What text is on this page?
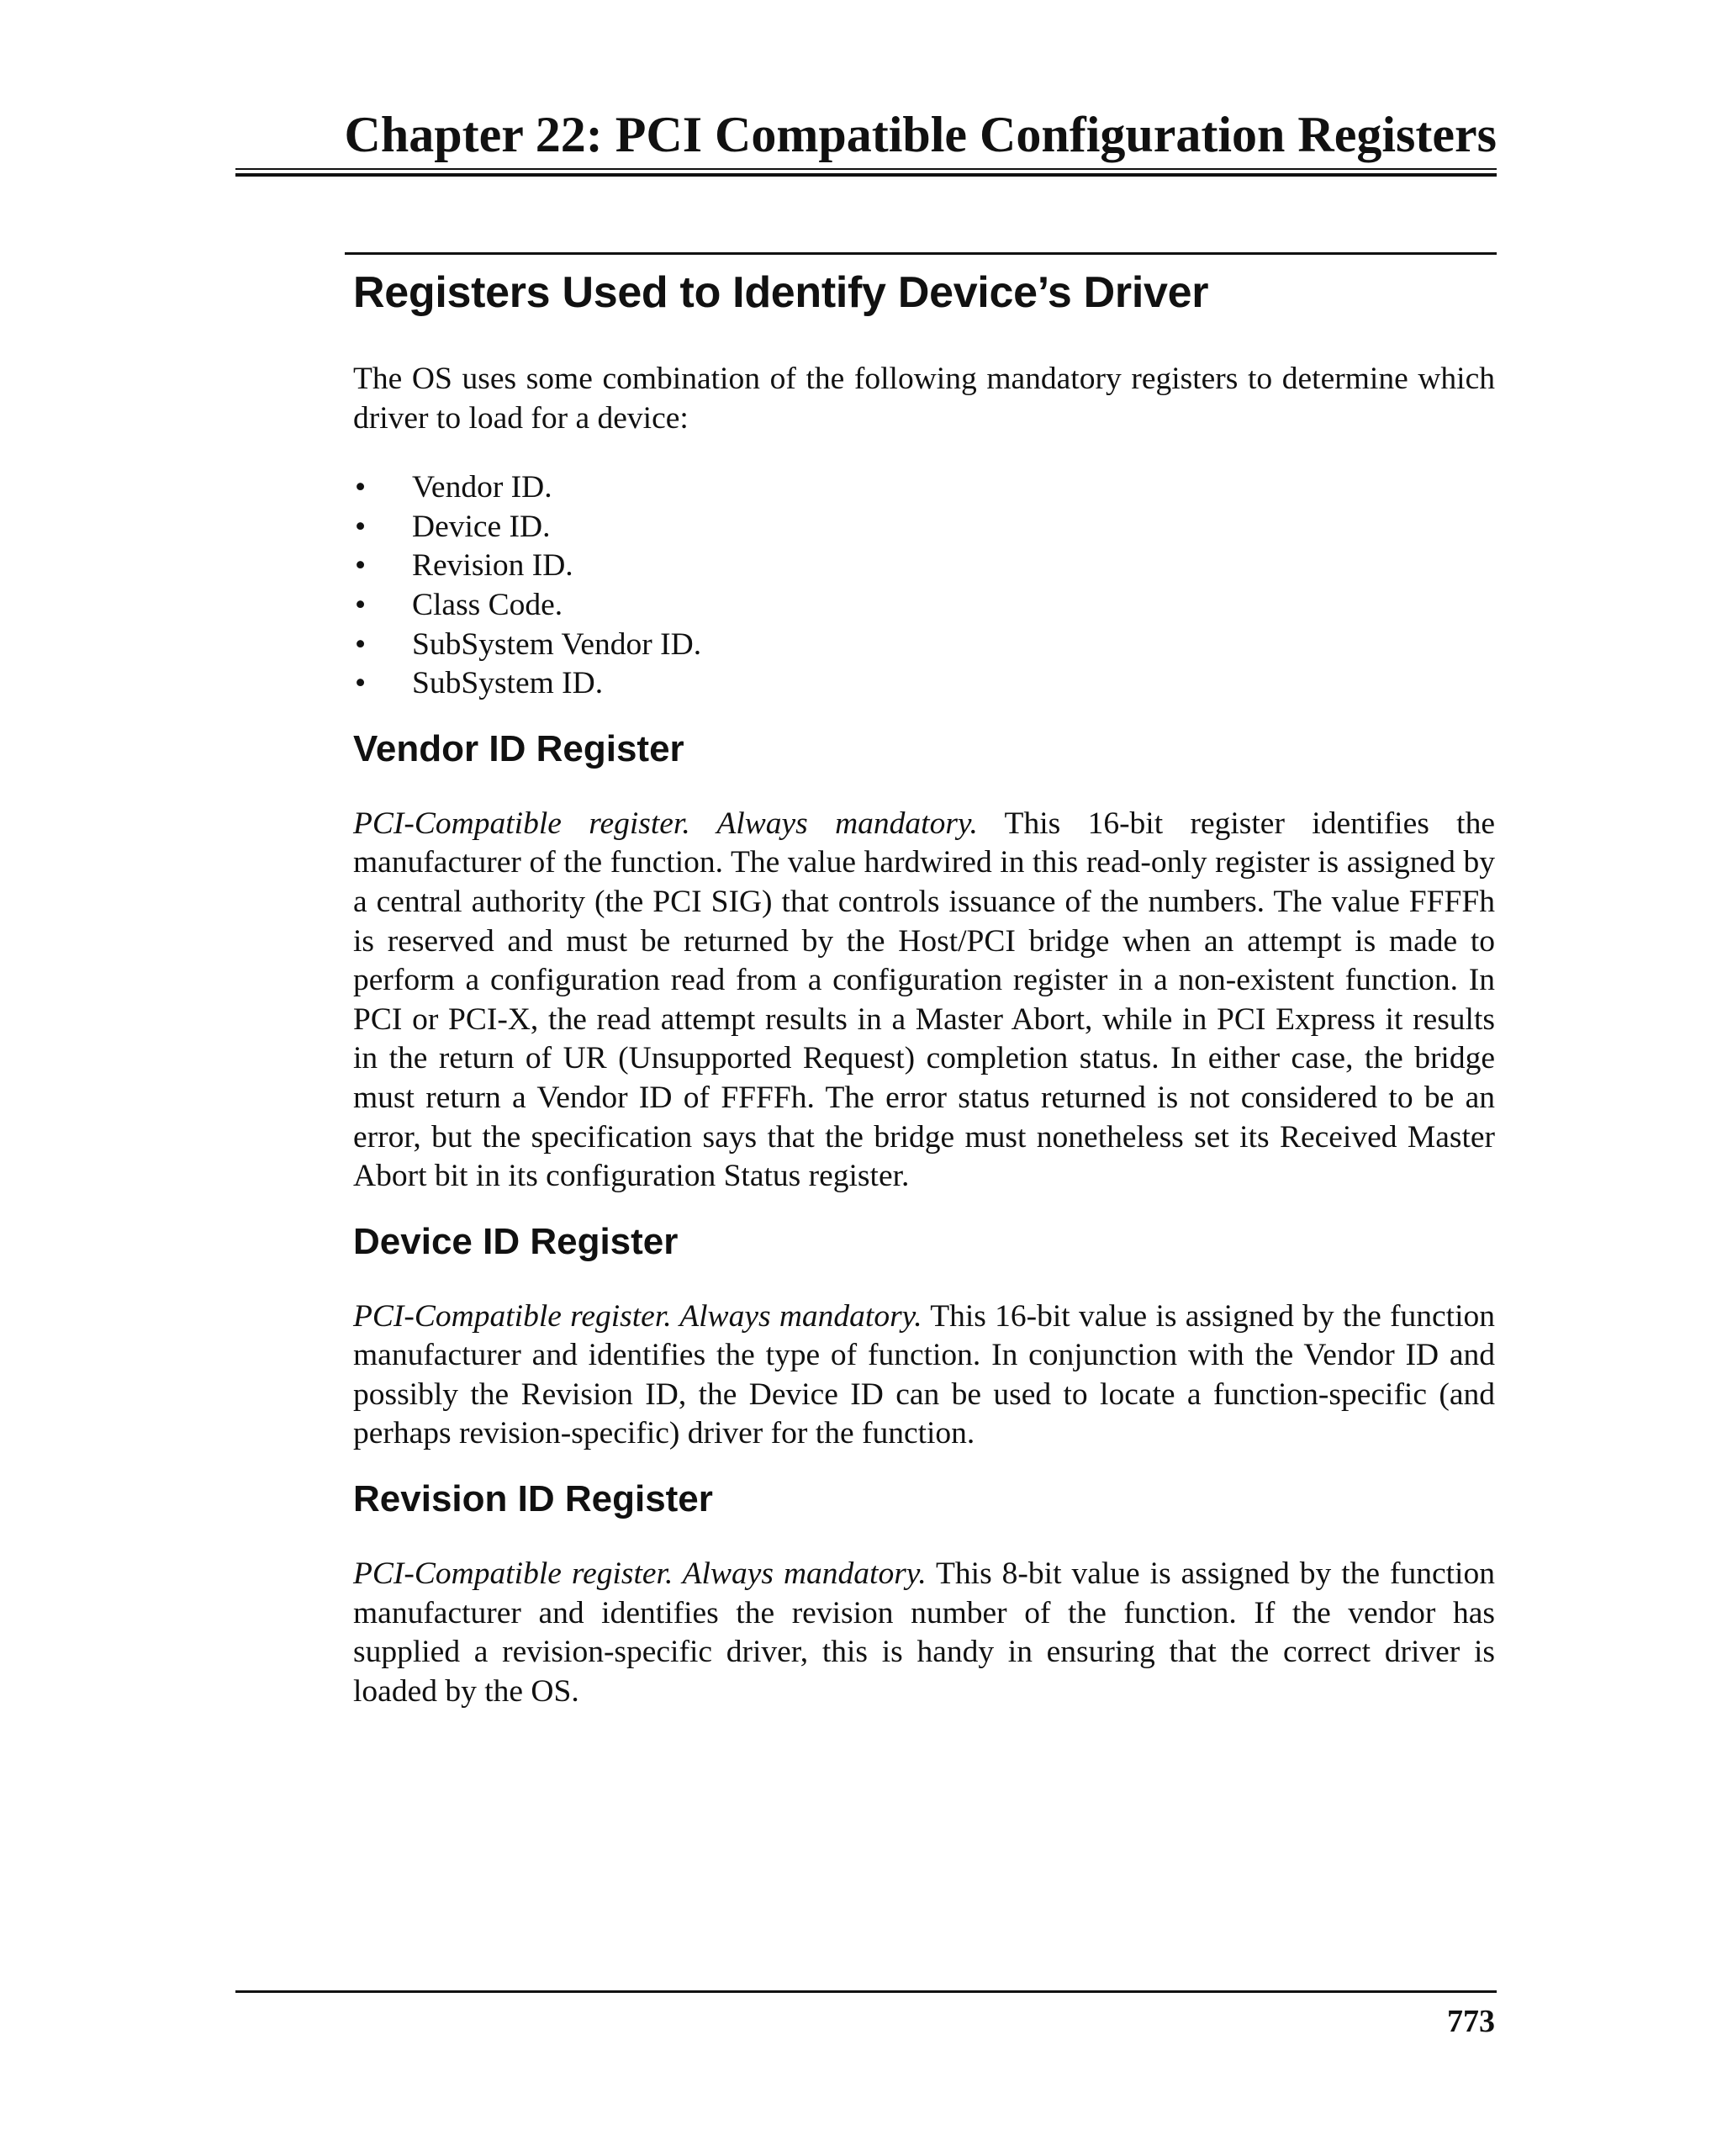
Chapter 22: PCI Compatible Configuration Registers
Registers Used to Identify Device’s Driver

The OS uses some combination of the following mandatory registers to determine which driver to load for a device:

• Vendor ID.
• Device ID.
• Revision ID.
• Class Code.
• SubSystem Vendor ID.
• SubSystem ID.
Vendor ID Register

PCI-Compatible register. Always mandatory. This 16-bit register identifies the manufacturer of the function. The value hardwired in this read-only register is assigned by a central authority (the PCI SIG) that controls issuance of the numbers. The value FFFFh is reserved and must be returned by the Host/PCI bridge when an attempt is made to perform a configuration read from a configuration register in a non-existent function. In PCI or PCI-X, the read attempt results in a Master Abort, while in PCI Express it results in the return of UR (Unsupported Request) completion status. In either case, the bridge must return a Vendor ID of FFFFh. The error status returned is not considered to be an error, but the specification says that the bridge must nonetheless set its Received Master Abort bit in its configuration Status register.

Device ID Register

PCI-Compatible register. Always mandatory. This 16-bit value is assigned by the function manufacturer and identifies the type of function. In conjunction with the Vendor ID and possibly the Revision ID, the Device ID can be used to locate a function-specific (and perhaps revision-specific) driver for the function.

Revision ID Register

PCI-Compatible register. Always mandatory. This 8-bit value is assigned by the function manufacturer and identifies the revision number of the function. If the vendor has supplied a revision-specific driver, this is handy in ensuring that the correct driver is loaded by the OS.

773
